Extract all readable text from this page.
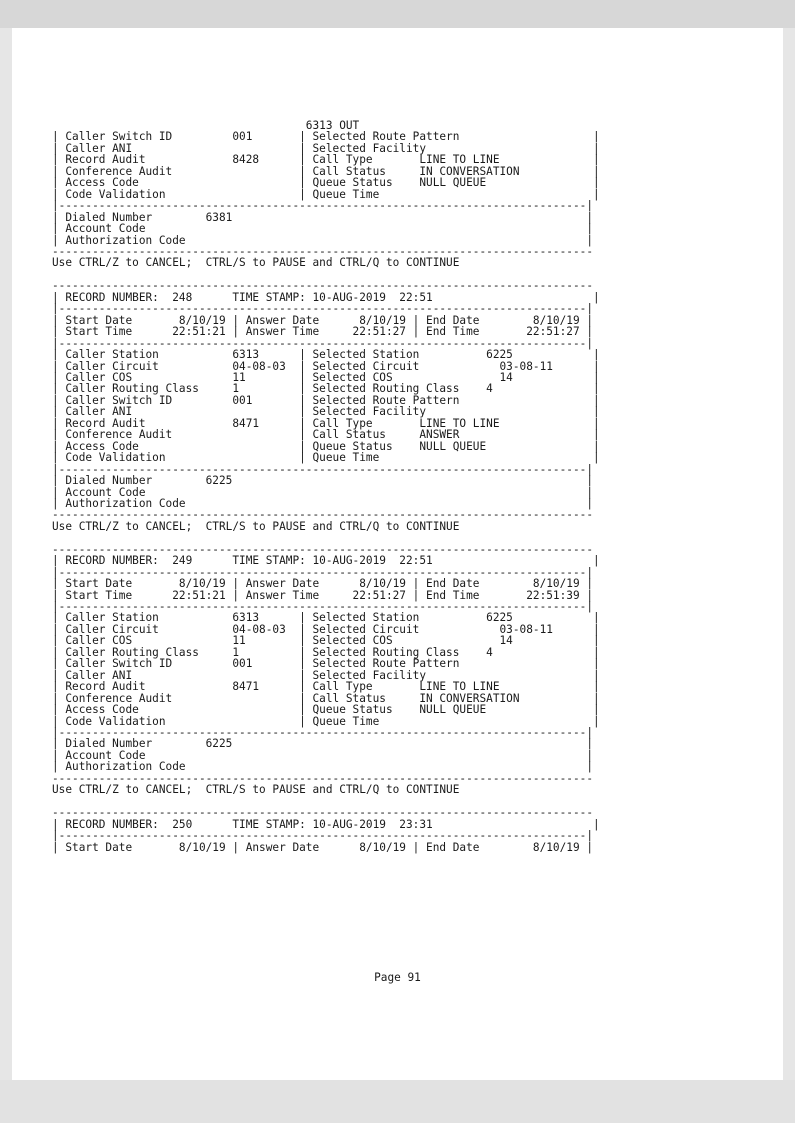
6313 OUT
| Caller Switch ID         001       | Selected Route Pattern                    |
| Caller ANI                         | Selected Facility                         |
| Record Audit             8428      | Call Type       LINE TO LINE              |
| Conference Audit                   | Call Status     IN CONVERSATION           |
| Access Code                        | Queue Status    NULL QUEUE                |
| Code Validation                    | Queue Time                                |
|-------------------------------------------------------------------------------|
| Dialed Number        6381                                                     |
| Account Code                                                                  |
| Authorization Code                                                            |
---------------------------------------------------------------------------------
Use CTRL/Z to CANCEL;  CTRL/S to PAUSE and CTRL/Q to CONTINUE

---------------------------------------------------------------------------------
| RECORD NUMBER:  248      TIME STAMP: 10-AUG-2019  22:51                        |
|-------------------------------------------------------------------------------|
| Start Date       8/10/19 | Answer Date      8/10/19 | End Date        8/10/19 |
| Start Time      22:51:21 | Answer Time     22:51:27 | End Time       22:51:27 |
|-------------------------------------------------------------------------------|
| Caller Station           6313      | Selected Station          6225            |
| Caller Circuit           04-08-03  | Selected Circuit            03-08-11      |
| Caller COS               11        | Selected COS                14            |
| Caller Routing Class     1         | Selected Routing Class    4               |
| Caller Switch ID         001       | Selected Route Pattern                    |
| Caller ANI                         | Selected Facility                         |
| Record Audit             8471      | Call Type       LINE TO LINE              |
| Conference Audit                   | Call Status     ANSWER                    |
| Access Code                        | Queue Status    NULL QUEUE                |
| Code Validation                    | Queue Time                                |
|-------------------------------------------------------------------------------|
| Dialed Number        6225                                                     |
| Account Code                                                                  |
| Authorization Code                                                            |
---------------------------------------------------------------------------------
Use CTRL/Z to CANCEL;  CTRL/S to PAUSE and CTRL/Q to CONTINUE

---------------------------------------------------------------------------------
| RECORD NUMBER:  249      TIME STAMP: 10-AUG-2019  22:51                        |
|-------------------------------------------------------------------------------|
| Start Date       8/10/19 | Answer Date      8/10/19 | End Date        8/10/19 |
| Start Time      22:51:21 | Answer Time     22:51:27 | End Time       22:51:39 |
|-------------------------------------------------------------------------------|
| Caller Station           6313      | Selected Station          6225            |
| Caller Circuit           04-08-03  | Selected Circuit            03-08-11      |
| Caller COS               11        | Selected COS                14            |
| Caller Routing Class     1         | Selected Routing Class    4               |
| Caller Switch ID         001       | Selected Route Pattern                    |
| Caller ANI                         | Selected Facility                         |
| Record Audit             8471      | Call Type       LINE TO LINE              |
| Conference Audit                   | Call Status     IN CONVERSATION           |
| Access Code                        | Queue Status    NULL QUEUE                |
| Code Validation                    | Queue Time                                |
|-------------------------------------------------------------------------------|
| Dialed Number        6225                                                     |
| Account Code                                                                  |
| Authorization Code                                                            |
---------------------------------------------------------------------------------
Use CTRL/Z to CANCEL;  CTRL/S to PAUSE and CTRL/Q to CONTINUE

---------------------------------------------------------------------------------
| RECORD NUMBER:  250      TIME STAMP: 10-AUG-2019  23:31                        |
|-------------------------------------------------------------------------------|
| Start Date       8/10/19 | Answer Date      8/10/19 | End Date        8/10/19 |

Page 91
